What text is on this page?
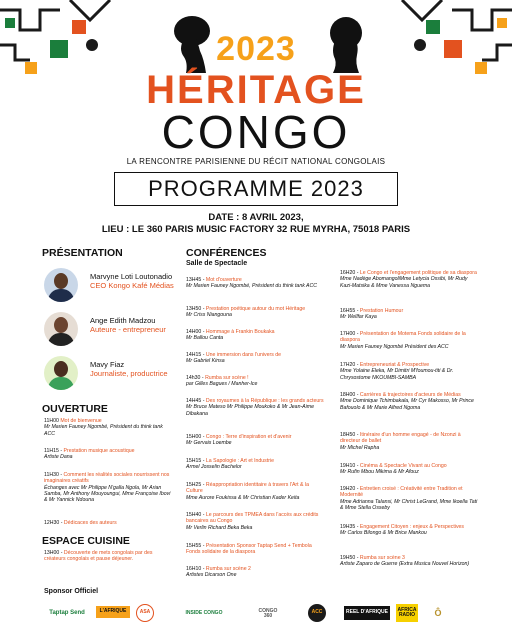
2023
HÉRITAGE
CONGO
LA RENCONTRE PARISIENNE DU RÉCIT NATIONAL CONGOLAIS
PROGRAMME 2023
DATE : 8 AVRIL 2023,
LIEU : LE 360 PARIS MUSIC FACTORY 32 RUE MYRHA, 75018 PARIS
PRÉSENTATION
Marvyne Loti Loutonadio
CEO Kongo Kafé Médias
Ange Edith Madzou
Auteure - entrepreneur
Mavy Fiaz
Journaliste, productrice
OUVERTURE
11H00 Mot de bienvenue
Mr Marien Fauney Ngombé, Président du think tank ACC
11H15 - Prestation musique acoustique
Artiste Dana
11H30 - Comment les réalités sociales nourrissent nos imaginaires créatifs
Échanges avec Mr Philippe N'galla Ngola, Mr Arian Samba, Mr Anthony Mouyoungui, Mme Françoise Ibovi & Mr Yannick Ndouna
12H30 - Dédicaces des auteurs
ESPACE CUISINE
13H00 - Découverte de mets congolais par des créateurs congolais et pause déjeuner.
CONFÉRENCES
Salle de Spectacle
13H45 - Mot d'ouverture
Mr Marien Fauney Ngombé, Président du think tank ACC
13H50 - Prestation poétique autour du mot Héritage
Mr Criss Niangouna
14H00 - Hommage à Frankin Boukaka
Mr Ballou Canta
14H15 - Une immersion dans l'univers de
Mr Gabriel Kinsa
14h30 - Rumba sur scène !
par Gilles Bagues / Manher-Ice
14H45 - Des royaumes à la République : les grands acteurs
Mr Bruce Mateso Mr Philippe Moukoko & Mr Jean-Aime Dibakana
15H00 - Congo : Terre d'inspiration et d'avenir
Mr Gervais Loembe
15H15 - La Sapologie : Art et Industrie
Armel Josselin Bachelor
15H25 - Réappropriation identitaire à travers l'Art & la Culture
Mme Aurore Foukissa & Mr Christian Kader Keita
15H40 - Le parcours des TPMEA dans l'accès aux crédits bancaires au Congo
Mr Verlin Richard Beka Beka
15H55 - Présentation Sponsor Taptap Send + Tembola Fonds solidaire de la diaspora
16H10 - Rumba sur scène 2
Artistes Dicarson One
16H20 - Le Congo et l'engagement politique de sa diaspora
Mme Nadège AbomangoliMme Letycia Ossibi, Mr Rudy Kazi-Matsika & Mme Vanessa Nguema
16H55 - Prestation Humour
Mr Wellfar Kaya
17H00 - Présentation de Motema Fonds solidaire de la diaspora
Mr Marien Fauney Ngombé Président des ACC
17H20 - Entrepreneuriat & Prospective
Mme Yolaine Eleka, Mr Dimitri M'foumou-titi & Dr. Chrysostome NKOUMBI-SAMBA
18H00 - Carrières & trajectoires d'acteurs de Médias
Mme Dominique Tchimbakala, Mr Cyr Makosso, Mr Prince Bafouolo & Mr Marie Alfred Ngoma
18H50 - Itinéraire d'un homme engagé - de Nzonzi à directeur de ballet
Mr Michel Rapha
19H10 - Cinéma & Spectacle Vivant au Congo
Mr Rufin Mbou Mikima & Mr Afouz
19H20 - Entretien croisé : Créativité entre Tradition et Modernité
Mme Adrianna Talansi, Mr Christ LeGrand, Mme Ikoella Tati & Mme Stella Osseby
19H35 - Engagement Citoyen : enjeux & Perspectives
Mr Carlos Bilongo & Mr Brice Mankou
19H50 - Rumba sur scène 3
Artiste Zaparo de Guerre (Extra Musica Nouvel Horizon)
Sponsor Officiel
Taptap Send	L'AFRIQUE	ASA	INSIDE CONGO	CONGO 360
ACC	REEL D'AFRIQUE	AFRICA RADIO	Ô
